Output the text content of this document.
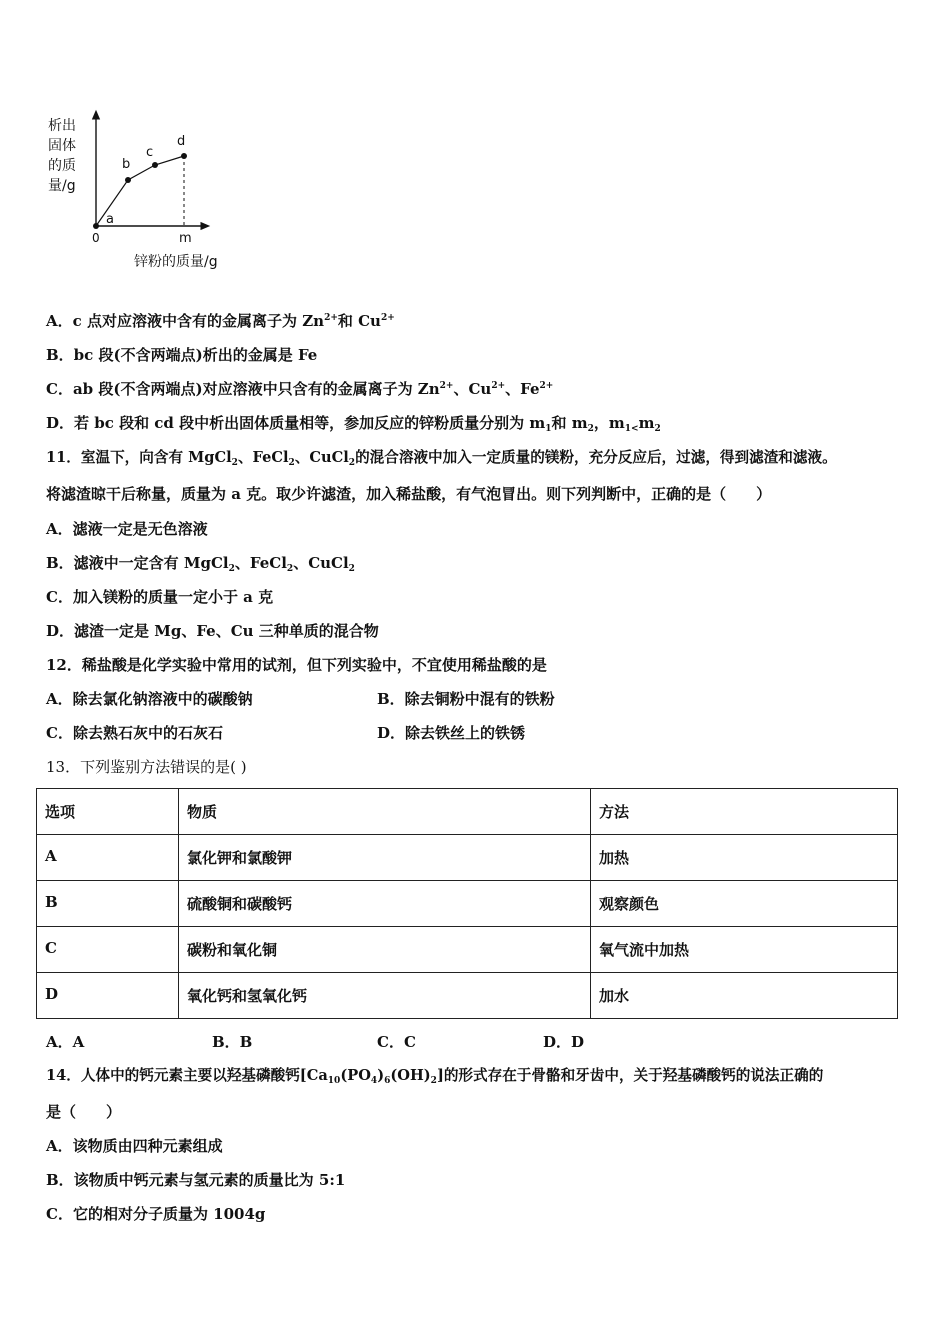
a
b
c
d
0	m
析出
固体
的质
量/g
锌粉的质量/g
A．c 点对应溶液中含有的金属离子为 $Zn^{2+}$和 $Cu^{2+}$
B．bc 段(不含两端点)析出的金属是 Fe
C．ab 段(不含两端点)对应溶液中只含有的金属离子为 $Zn^{2+}$、$Cu^{2+}$、$Fe^{2+}$
D．若 bc 段和 cd 段中析出固体质量相等，参加反应的锌粉质量分别为 $m_1$和 $m_2$，$m_{1<}m_2$
11．室温下，向含有 MgCl$_2$、FeCl$_2$、CuCl$_2$的混合溶液中加入一定质量的镁粉，充分反应后，过滤，得到滤渣和滤液。
将滤渣晾干后称量，质量为 a 克。取少许滤渣，加入稀盐酸，有气泡冒出。则下列判断中，正确的是（　　）
A．滤液一定是无色溶液
B．滤液中一定含有 MgCl$_2$、FeCl$_2$、CuCl$_2$
C．加入镁粉的质量一定小于 a 克
D．滤渣一定是 Mg、Fe、Cu 三种单质的混合物
12．稀盐酸是化学实验中常用的试剂，但下列实验中，不宜使用稀盐酸的是
A．除去氯化钠溶液中的碳酸钠	B．除去铜粉中混有的铁粉
C．除去熟石灰中的石灰石	D．除去铁丝上的铁锈
13．下列鉴别方法错误的是( )
选项	物质	方法
A	氯化钾和氯酸钾	加热
B	硫酸铜和碳酸钙	观察颜色
C	碳粉和氧化铜	氧气流中加热
D	氧化钙和氢氧化钙	加水
A．A	B．B	C．C	D．D
14．人体中的钙元素主要以羟基磷酸钙$[Ca_{10}(PO_4)_6(OH)_2]$的形式存在于骨骼和牙齿中，关于羟基磷酸钙的说法正确的
是（　　）
A．该物质由四种元素组成
B．该物质中钙元素与氢元素的质量比为 5:1
C．它的相对分子质量为 1004g
